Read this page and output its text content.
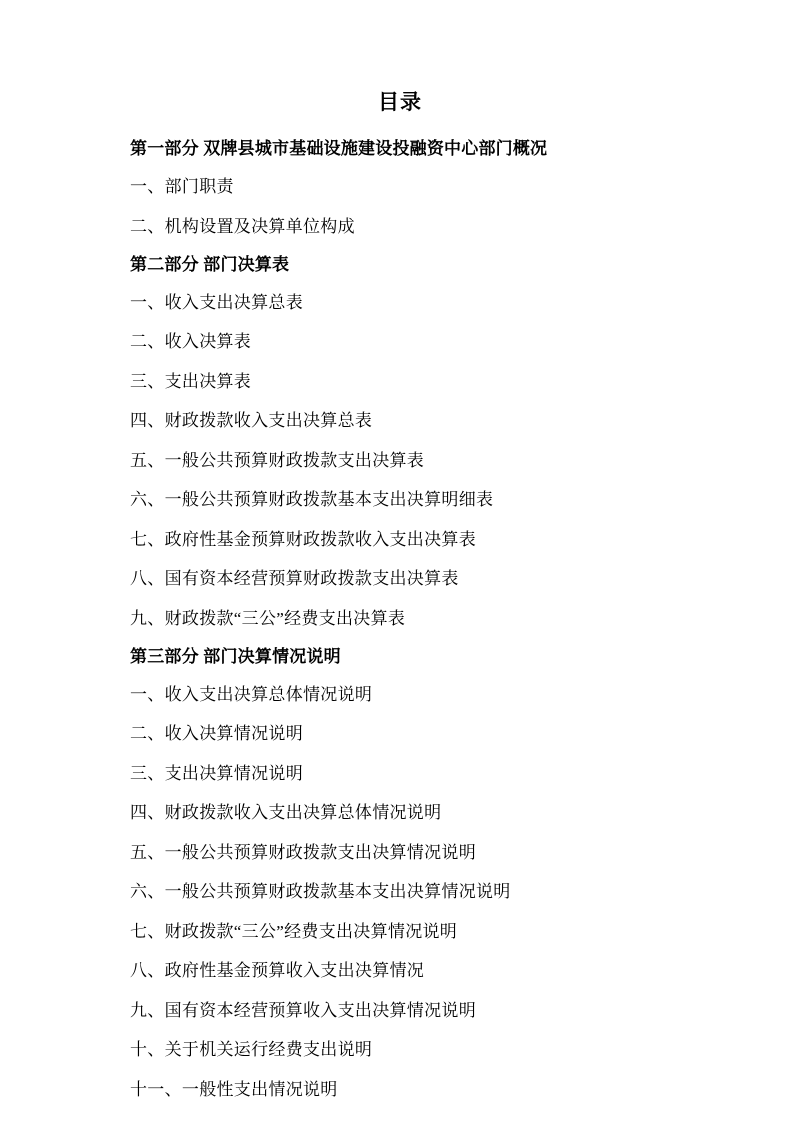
目录
第一部分 双牌县城市基础设施建设投融资中心部门概况
一、部门职责
二、机构设置及决算单位构成
第二部分 部门决算表
一、收入支出决算总表
二、收入决算表
三、支出决算表
四、财政拨款收入支出决算总表
五、一般公共预算财政拨款支出决算表
六、一般公共预算财政拨款基本支出决算明细表
七、政府性基金预算财政拨款收入支出决算表
八、国有资本经营预算财政拨款支出决算表
九、财政拨款“三公”经费支出决算表
第三部分 部门决算情况说明
一、收入支出决算总体情况说明
二、收入决算情况说明
三、支出决算情况说明
四、财政拨款收入支出决算总体情况说明
五、一般公共预算财政拨款支出决算情况说明
六、一般公共预算财政拨款基本支出决算情况说明
七、财政拨款“三公”经费支出决算情况说明
八、政府性基金预算收入支出决算情况
九、国有资本经营预算收入支出决算情况说明
十、关于机关运行经费支出说明
十一、一般性支出情况说明
